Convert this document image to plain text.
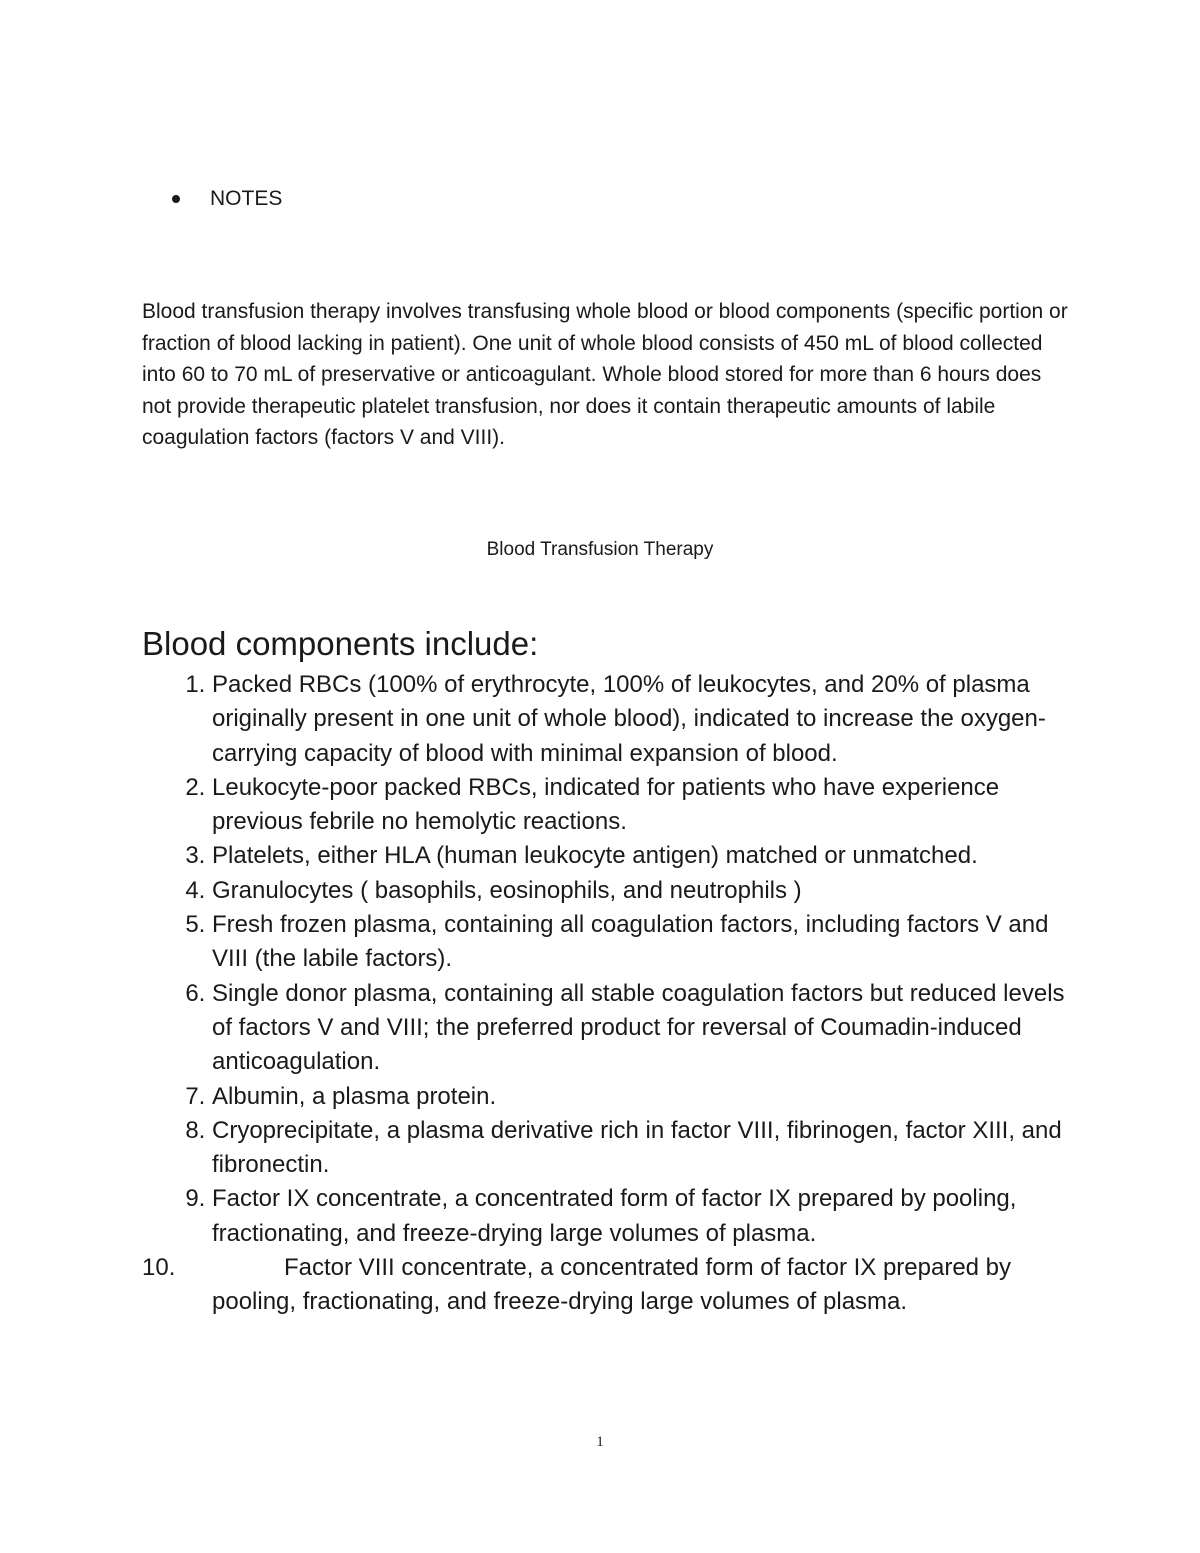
NOTES

Blood transfusion therapy involves transfusing whole blood or blood components (specific portion or fraction of blood lacking in patient). One unit of whole blood consists of 450 mL of blood collected into 60 to 70 mL of preservative or anticoagulant. Whole blood stored for more than 6 hours does not provide therapeutic platelet transfusion, nor does it contain therapeutic amounts of labile coagulation factors (factors V and VIII).

Blood Transfusion Therapy

Blood components include:
1. Packed RBCs (100% of erythrocyte, 100% of leukocytes, and 20% of plasma originally present in one unit of whole blood), indicated to increase the oxygen-carrying capacity of blood with minimal expansion of blood.
2. Leukocyte-poor packed RBCs, indicated for patients who have experience previous febrile no hemolytic reactions.
3. Platelets, either HLA (human leukocyte antigen) matched or unmatched.
4. Granulocytes ( basophils, eosinophils, and neutrophils )
5. Fresh frozen plasma, containing all coagulation factors, including factors V and VIII (the labile factors).
6. Single donor plasma, containing all stable coagulation factors but reduced levels of factors V and VIII; the preferred product for reversal of Coumadin-induced anticoagulation.
7. Albumin, a plasma protein.
8. Cryoprecipitate, a plasma derivative rich in factor VIII, fibrinogen, factor XIII, and fibronectin.
9. Factor IX concentrate, a concentrated form of factor IX prepared by pooling, fractionating, and freeze-drying large volumes of plasma.
10.	Factor VIII concentrate, a concentrated form of factor IX prepared by pooling, fractionating, and freeze-drying large volumes of plasma.

1
